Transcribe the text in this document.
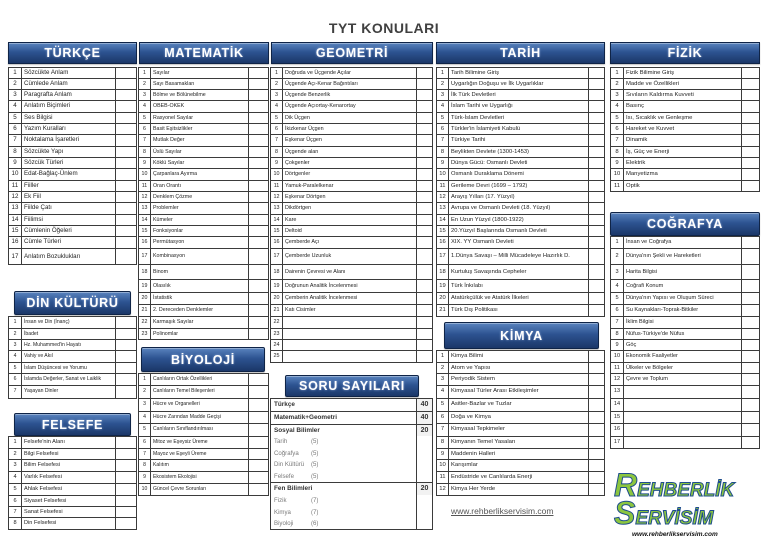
TYT KONULARI
TÜRKÇE	MATEMATİK	GEOMETRİ	TARİH	FİZİK
COĞRAFYA
DİN KÜLTÜRÜ
FELSEFE
BİYOLOJİ
KİMYA
SORU SAYILARI
1	Sözcükte Anlam
2	Cümlede Anlam
3	Paragrafta Anlam
4	Anlatım Biçimleri
5	Ses Bilgisi
6	Yazım Kuralları
7	Noktalama İşaretleri
8	Sözcükte Yapı
9	Sözcük Türleri
10 Edat-Bağlaç-Ünlem
11 Fiiller
12 Ek Fiil
13 Fiilde Çatı
14 Fiilimsi
15 Cümlenin Öğeleri
16 Cümle Türleri
17 Anlatım Bozuklukları
1	Sayılar
2	Sayı Basamakları
3	Bölme ve Bölünebilme
4	OBEB-OKEK
5	Rasyonel Sayılar
6	Basit Eşitsizlikler
7	Mutlak Değer
8	Üslü Sayılar
9	Köklü Sayılar
10	Çarpanlara Ayırma
11	Oran Orantı
12	Denklem Çözme
13	Problemler
14	Kümeler
15	Fonksiyonlar
16	Permütasyon
17	Kombinasyon
18	Binom
19	Olasılık
20	İstatistik
21	2. Dereceden Denklemler
22	Karmaşık Sayılar
23	Polinomlar
1	Doğruda ve Üçgende Açılar
2	Üçgende Açı-Kenar Bağıntıları
3	Üçgende Benzerlik
4	Üçgende Açıortay-Kenarortay
5	Dik Üçgen
6	İkizkenar Üçgen
7	Eşkenar Üçgen
8	Üçgende alan
9	Çokgenler
10	Dörtgenler
11	Yamuk-Paralelkenar
12	Eşkenar Dörtgen
13	Dikdörtgen
14	Kare
15	Deltoid
16	Çemberde Açı
17	Çemberde Uzunluk
18	Dairenin Çevresi ve Alanı
19	Doğrunun Analitik İncelenmesi
20	Çemberin Analitik İncelenmesi
21	Katı Cisimler
22
23
24
25
1	Tarih Bilimine Giriş
2	Uygarlığın Doğuşu ve İlk Uygarlıklar
3	İlk Türk Devletleri
4	İslam Tarihi ve Uygarlığı
5	Türk-İslam Devletleri
6	Türkler'in İslamiyeti Kabulü
7	Türkiye Tarihi
8	Beylikten Devlete (1300-1453)
9	Dünya Gücü: Osmanlı Devleti
10 Osmanlı Duraklama Dönemi
11 Gerileme Devri (1699 – 1792)
12 Arayış Yılları (17. Yüzyıl)
13 Avrupa ve Osmanlı Devleti (18. Yüzyıl)
14 En Uzun Yüzyıl (1800-1922)
15 20.Yüzyıl Başlarında Osmanlı Devleti
16 XIX. YY Osmanlı Devleti
17 1.Dünya Savaşı – Milli Mücadeleye Hazırlık D.
18 Kurtuluş Savaşında Cepheler
19 Türk İnkılabı
20 Atatürkçülük ve Atatürk İlkeleri
21 Türk Dış Politikası
1	Fizik Bilimine Giriş
2	Madde ve Özellikleri
3	Sıvıların Kaldırma Kuvveti
4	Basınç
5	Isı, Sıcaklık ve Genleşme
6	Hareket ve Kuvvet
7	Dinamik
8	İş, Güç ve Enerji
9	Elektrik
10 Manyetizma
11	Optik
1	İnsan ve Coğrafya
2	Dünya'nın Şekli ve Hareketleri
3	Harita Bilgisi
4	Coğrafi Konum
5	Dünya'nın Yapısı ve Oluşum Süreci
6	Su Kaynakları-Toprak-Bitkiler
7	İklim Bilgisi
8	Nüfus-Türkiye'de Nüfus
9	Göç
10	Ekonomik Faaliyetler
11	Ülkeler ve Bölgeler
12	Çevre ve Toplum
13
14
15
16
17
1	İnsan ve Din (İnanç)
2	İbadet
3	Hz. Muhammed'in Hayatı
4	Vahiy ve Akıl
5	İslam Düşüncesi ve Yorumu
6	İslamda Değerler, Sanat ve Laiklik
7	Yaşayan Dinler
1	Felsefe'nin Alanı
2	Bilgi Felsefesi
3	Bilim Felsefesi
4	Varlık Felsefesi
5	Ahlak Felsefesi
6	Siyaset Felsefesi
7	Sanat Felsefesi
8	Din Felsefesi
1	Canlıların Ortak Özellikleri
2	Canlıların Temel Bileşenleri
3	Hücre ve Organelleri
4	Hücre Zarından Madde Geçişi
5	Canlıların Sınıflandırılması
6	Mitoz ve Eşeysiz Üreme
7	Mayoz ve Eşeyli Üreme
8	Kalıtım
9	Ekosistem Ekolojisi
10	Güncel Çevre Sorunları
1	Kimya Bilimi
2	Atom ve Yapısı
3	Periyodik Sistem
4	Kimyasal Türler Arası Etkileşimler
5	Asitler-Bazlar ve Tuzlar
6	Doğa ve Kimya
7	Kimyasal Tepkimeler
8	Kimyanın Temel Yasaları
9	Maddenin Halleri
10 Karışımlar
11 Endüstride ve Canlılarda Enerji
12 Kimya Her Yerde
Türkçe	40
Matematik+Geometri	40
Sosyal Bilimler	20
Tarih	(5)
Coğrafya (5)
Din Kültürü (5)
Felsefe	(5)
Fen Bilimleri	20
Fizik	(7)
Kimya	(7)
Biyoloji	(6)
www.rehberlikservisim.com
REHBERLİK
SERVİSİM
www.rehberlikservisim.com
